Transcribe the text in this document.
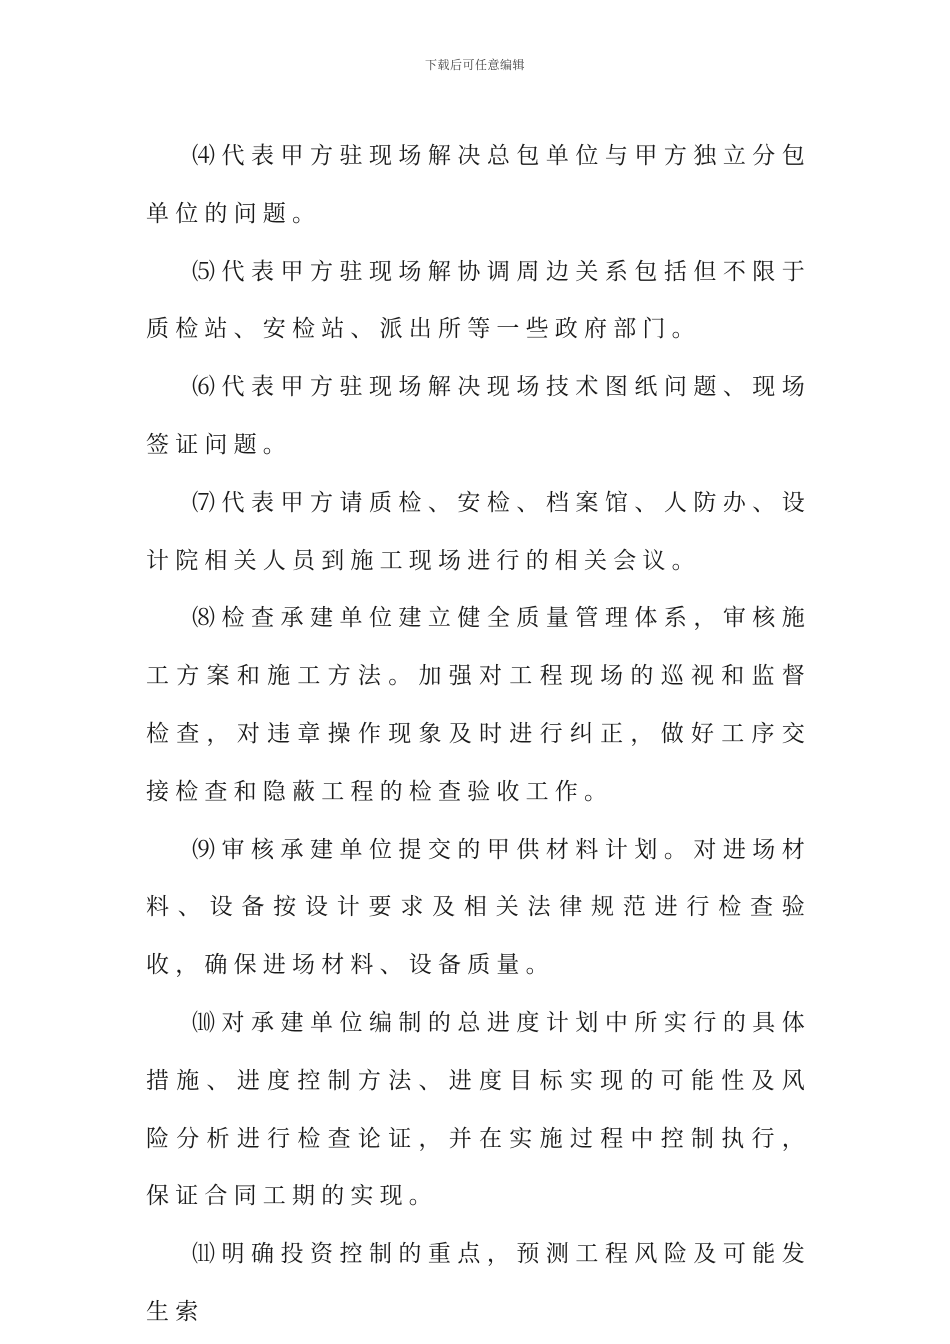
下载后可任意编辑

⑷代表甲方驻现场解决总包单位与甲方独立分包单位的问题。

⑸代表甲方驻现场解协调周边关系包括但不限于质检站、安检站、派出所等一些政府部门。

⑹代表甲方驻现场解决现场技术图纸问题、现场签证问题。

⑺代表甲方请质检、安检、档案馆、人防办、设计院相关人员到施工现场进行的相关会议。

⑻检查承建单位建立健全质量管理体系，审核施工方案和施工方法。加强对工程现场的巡视和监督检查，对违章操作现象及时进行纠正，做好工序交接检查和隐蔽工程的检查验收工作。

⑼审核承建单位提交的甲供材料计划。对进场材料、设备按设计要求及相关法律规范进行检查验收，确保进场材料、设备质量。

⑽对承建单位编制的总进度计划中所实行的具体措施、进度控制方法、进度目标实现的可能性及风险分析进行检查论证，并在实施过程中控制执行，保证合同工期的实现。

⑾明确投资控制的重点，预测工程风险及可能发生索
